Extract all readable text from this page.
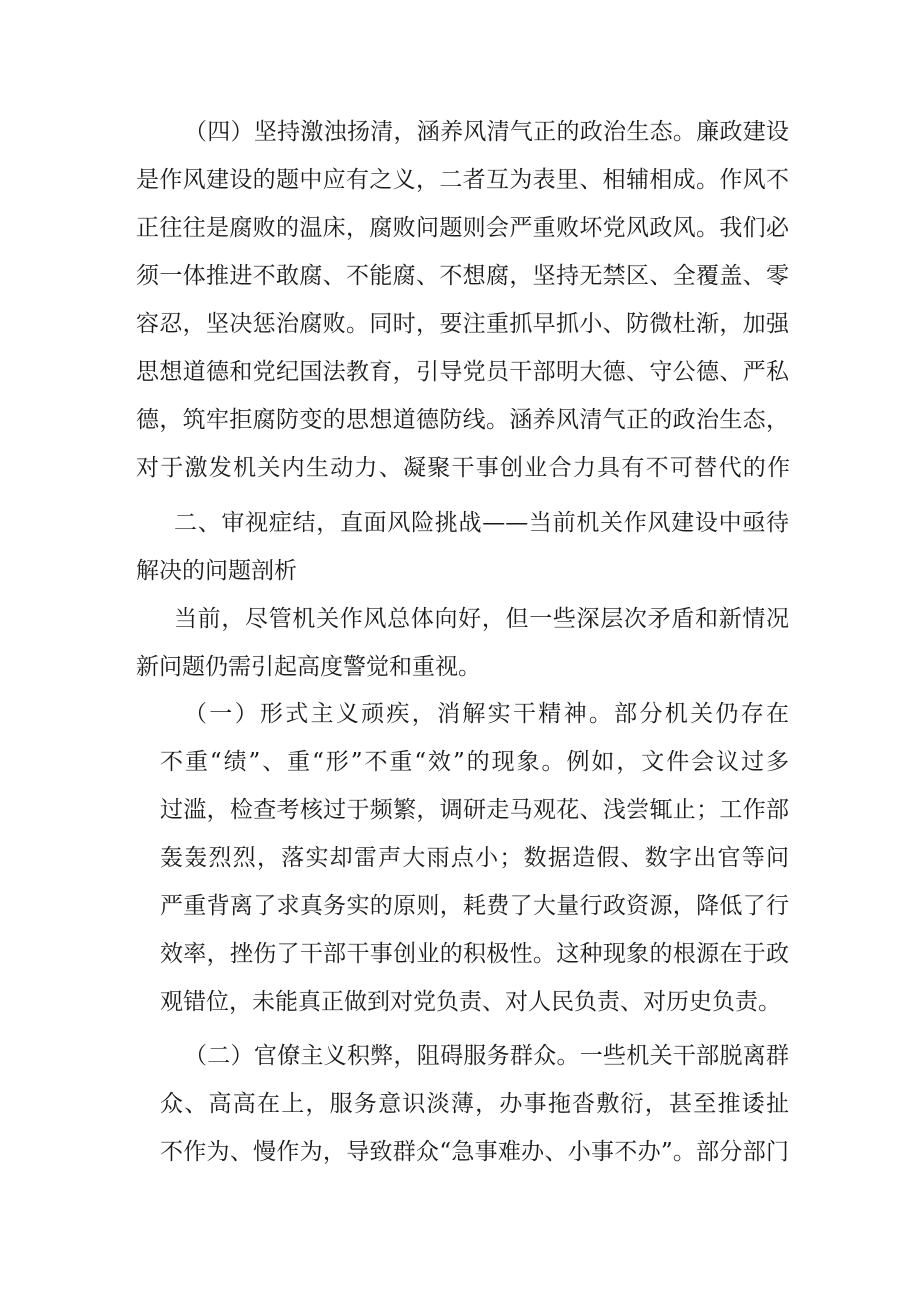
（四）坚持激浊扬清，涵养风清气正的政治生态。廉政建设
是作风建设的题中应有之义，二者互为表里、相辅相成。作风不
正往往是腐败的温床，腐败问题则会严重败坏党风政风。我们必
须一体推进不敢腐、不能腐、不想腐，坚持无禁区、全覆盖、零
容忍，坚决惩治腐败。同时，要注重抓早抓小、防微杜渐，加强
思想道德和党纪国法教育，引导党员干部明大德、守公德、严私
德，筑牢拒腐防变的思想道德防线。涵养风清气正的政治生态，
对于激发机关内生动力、凝聚干事创业合力具有不可替代的作
二、审视症结，直面风险挑战——当前机关作风建设中亟待
解决的问题剖析
当前，尽管机关作风总体向好，但一些深层次矛盾和新情况
新问题仍需引起高度警觉和重视。
（一）形式主义顽疾，消解实干精神。部分机关仍存在
不重“绩”、重“形”不重“效”的现象。例如，文件会议过多
过滥，检查考核过于频繁，调研走马观花、浅尝辄止；工作部
轰轰烈烈，落实却雷声大雨点小；数据造假、数字出官等问
严重背离了求真务实的原则，耗费了大量行政资源，降低了行
效率，挫伤了干部干事创业的积极性。这种现象的根源在于政
观错位，未能真正做到对党负责、对人民负责、对历史负责。
（二）官僚主义积弊，阻碍服务群众。一些机关干部脱离群
众、高高在上，服务意识淡薄，办事拖沓敷衍，甚至推诿扯
不作为、慢作为，导致群众“急事难办、小事不办”。部分部门
